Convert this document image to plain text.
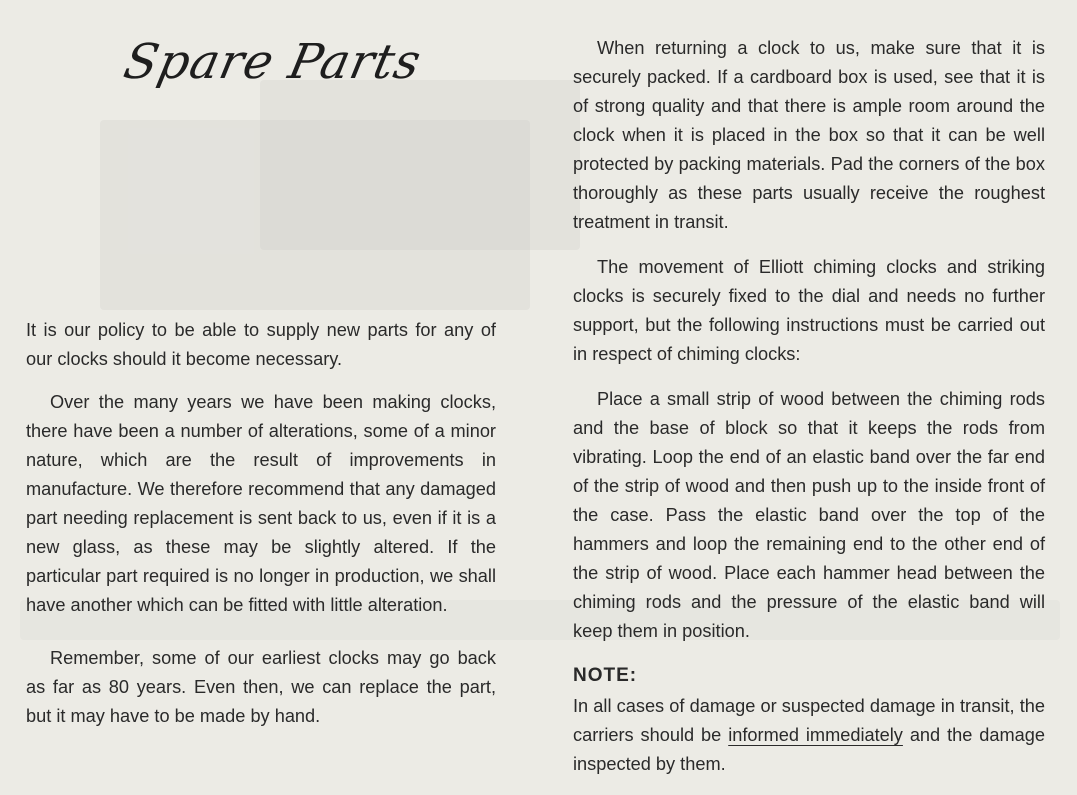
Spare Parts

It is our policy to be able to supply new parts for any of our clocks should it become necessary.

Over the many years we have been making clocks, there have been a number of alterations, some of a minor nature, which are the result of improvements in manufacture. We therefore recommend that any damaged part needing replacement is sent back to us, even if it is a new glass, as these may be slightly altered. If the particular part required is no longer in production, we shall have another which can be fitted with little alteration.

Remember, some of our earliest clocks may go back as far as 80 years. Even then, we can replace the part, but it may have to be made by hand.

When returning a clock to us, make sure that it is securely packed. If a cardboard box is used, see that it is of strong quality and that there is ample room around the clock when it is placed in the box so that it can be well protected by packing materials. Pad the corners of the box thoroughly as these parts usually receive the roughest treatment in transit.

The movement of Elliott chiming clocks and striking clocks is securely fixed to the dial and needs no further support, but the following instructions must be carried out in respect of chiming clocks:

Place a small strip of wood between the chiming rods and the base of block so that it keeps the rods from vibrating. Loop the end of an elastic band over the far end of the strip of wood and then push up to the inside front of the case. Pass the elastic band over the top of the hammers and loop the remaining end to the other end of the strip of wood. Place each hammer head between the chiming rods and the pressure of the elastic band will keep them in position.

NOTE:

In all cases of damage or suspected damage in transit, the carriers should be informed immediately and the damage inspected by them.
